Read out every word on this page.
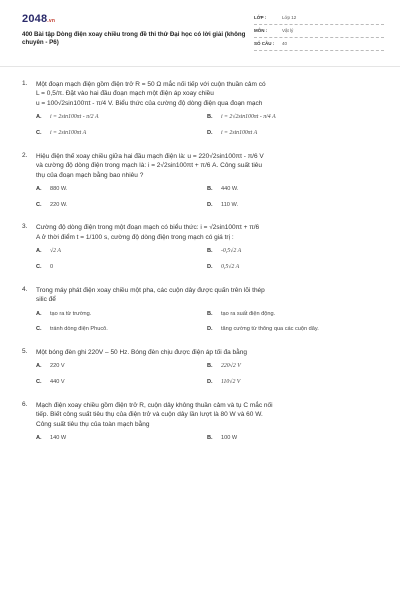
2048.vn
400 Bài tập Dòng điện xoay chiều trong đề thi thử Đại học có lời giải (không chuyên - P6)
LỚP :	Lớp 12
MÔN :	Vật lý
SỐ CÂU :	40
1.	Một đoạn mạch điện gồm điện trở R = 50 Ω mắc nối tiếp với cuộn thuần cảm có
L = 0,5/π. Đặt vào hai đầu đoạn mạch một điện áp xoay chiều
u = 100√2sin100πt - π/4 V. Biểu thức của cường độ dòng điện qua đoạn mạch
A.	i = 2sin100πt - π/2 A	B.	i = 2√2sin100πt - π/4 A
C.	i = 2sin100πt A	D.	i = 2sin100πt A
2.	Hiệu điện thế xoay chiều giữa hai đầu mạch điện là: u = 220√2sin100πt - π/6 V
và cường độ dòng điện trong mạch là: i = 2√2sin100πt + π/6 A. Công suất tiêu
thụ của đoạn mạch bằng bao nhiêu ?
A.	880 W.	B.	440 W.
C.	220 W.	D.	110 W.
3.	Cường độ dòng điện trong một đoạn mạch có biểu thức: i = √2sin100πt + π/6
A ở thời điểm t = 1/100 s, cường độ dòng điện trong mạch có giá trị :
A.	√2 A	B.	-0,5√2 A
C.	0	D.	0,5√2 A
4.	Trong máy phát điện xoay chiều một pha, các cuộn dây được quấn trên lõi thép
silic để
A.	tạo ra từ trường.	B.	tạo ra suất điện động.
C.	tránh dòng điện Phucô.	D.	tăng cường từ thông qua các cuộn dây.
5.	Một bóng đèn ghi 220V – 50 Hz. Bóng đèn chịu được điện áp tối đa bằng
A.	220 V	B.	220√2 V
C.	440 V	D.	110√2 V
6.	Mạch điện xoay chiều gồm điện trở R, cuộn dây không thuần cảm và tụ C mắc nối
tiếp. Biết công suất tiêu thụ của điện trở và cuộn dây lần lượt là 80 W và 60 W.
Công suất tiêu thụ của toàn mạch bằng
A.	140 W	B.	100 W
